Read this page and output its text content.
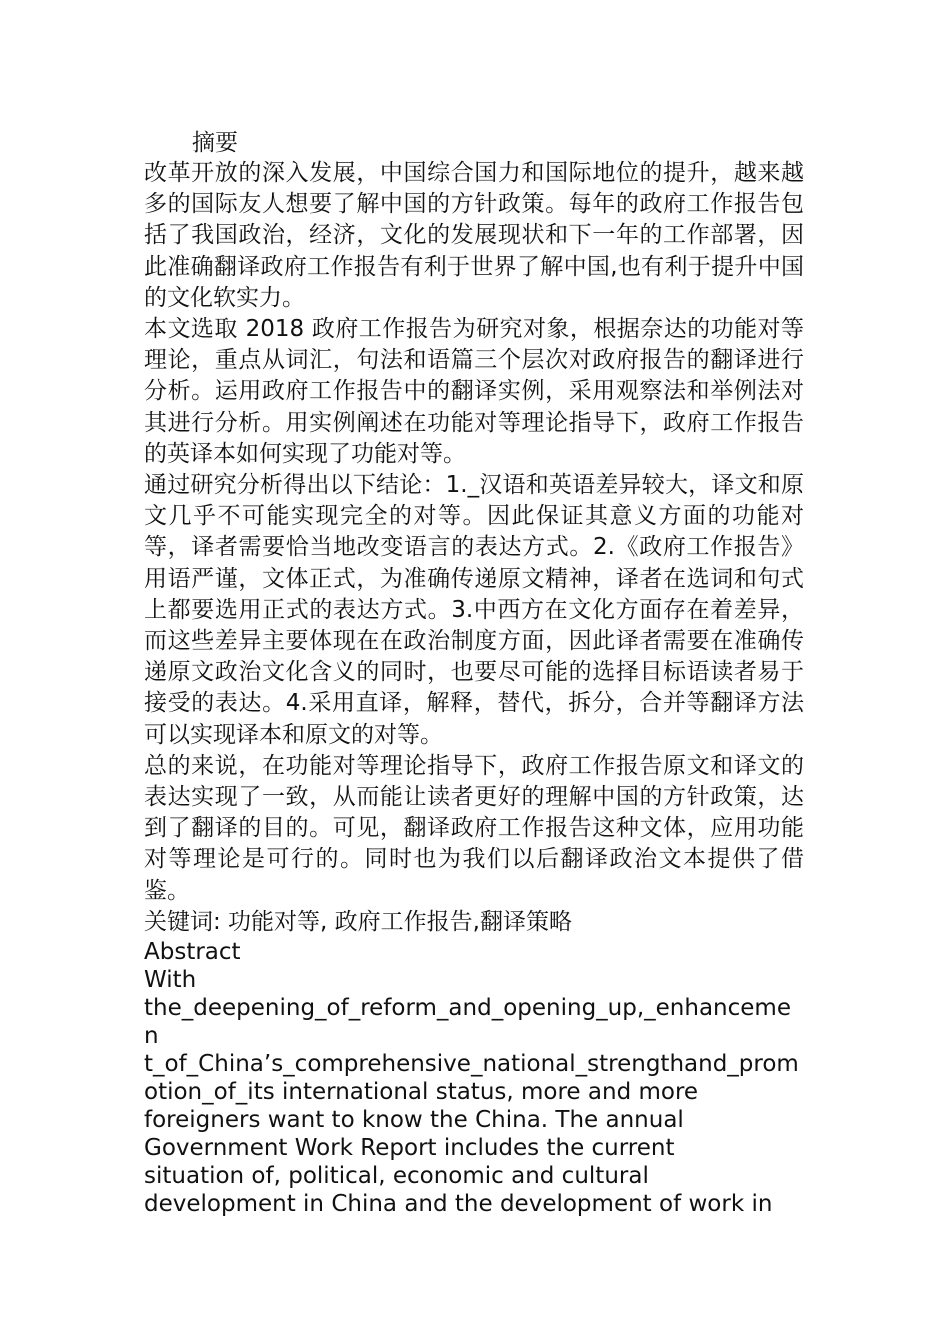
摘要

改革开放的深入发展，中国综合国力和国际地位的提升，越来越多的国际友人想要了解中国的方针政策。每年的政府工作报告包括了我国政治，经济，文化的发展现状和下一年的工作部署，因此准确翻译政府工作报告有利于世界了解中国,也有利于提升中国的文化软实力。

本文选取 2018 政府工作报告为研究对象，根据奈达的功能对等理论，重点从词汇，句法和语篇三个层次对政府报告的翻译进行分析。运用政府工作报告中的翻译实例，采用观察法和举例法对其进行分析。用实例阐述在功能对等理论指导下，政府工作报告的英译本如何实现了功能对等。

通过研究分析得出以下结论：1._汉语和英语差异较大，译文和原文几乎不可能实现完全的对等。因此保证其意义方面的功能对等，译者需要恰当地改变语言的表达方式。2.《政府工作报告》用语严谨，文体正式，为准确传递原文精神，译者在选词和句式上都要选用正式的表达方式。3.中西方在文化方面存在着差异，而这些差异主要体现在在政治制度方面，因此译者需要在准确传递原文政治文化含义的同时，也要尽可能的选择目标语读者易于接受的表达。4.采用直译，解释，替代，拆分，合并等翻译方法可以实现译本和原文的对等。

总的来说，在功能对等理论指导下，政府工作报告原文和译文的表达实现了一致，从而能让读者更好的理解中国的方针政策，达到了翻译的目的。可见，翻译政府工作报告这种文体，应用功能对等理论是可行的。同时也为我们以后翻译政治文本提供了借鉴。

关键词: 功能对等, 政府工作报告,翻译策略

Abstract
With
the_deepening_of_reform_and_opening_up,_enhancemen
t_of_China’s_comprehensive_national_strengthand_prom
otion_of_its international status, more and more
foreigners want to know the China. The annual
Government Work Report includes the current
situation of, political, economic and cultural
development in China and the development of work in
